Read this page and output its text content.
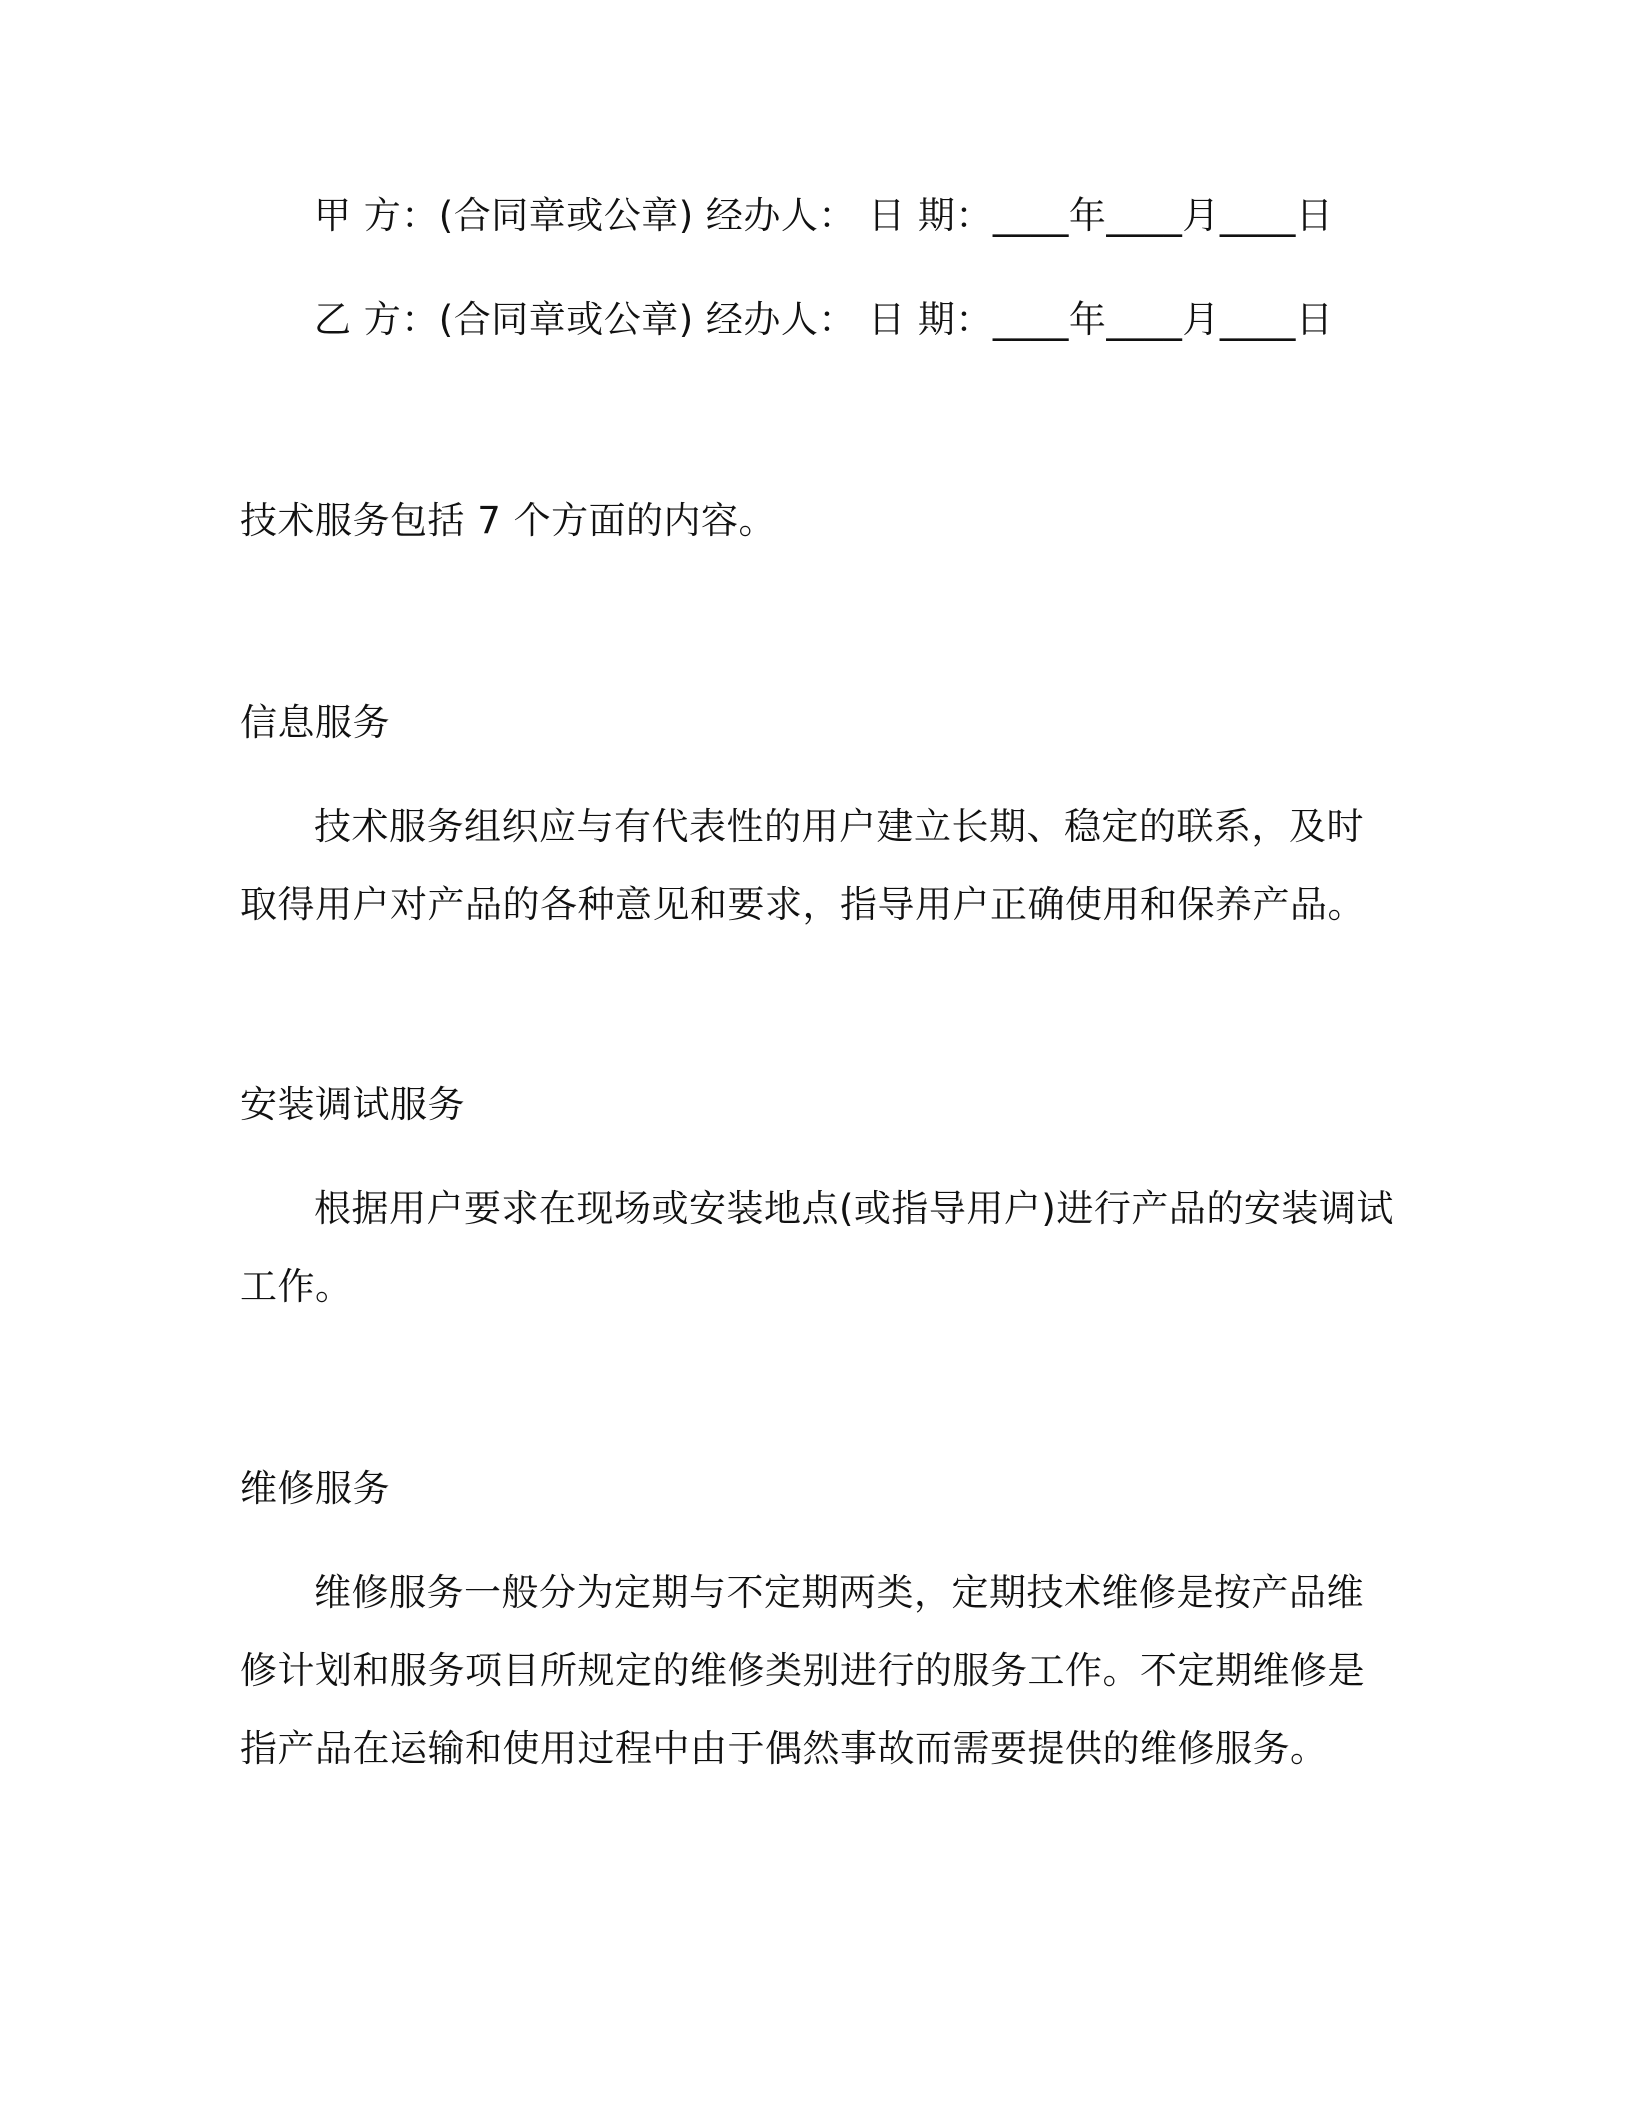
甲 方：(合同章或公章) 经办人： 日 期：____年____月____日
乙 方：(合同章或公章) 经办人： 日 期：____年____月____日
技术服务包括 7 个方面的内容。
信息服务
技术服务组织应与有代表性的用户建立长期、稳定的联系，及时
取得用户对产品的各种意见和要求，指导用户正确使用和保养产品。
安装调试服务
根据用户要求在现场或安装地点(或指导用户)进行产品的安装调试
工作。
维修服务
维修服务一般分为定期与不定期两类，定期技术维修是按产品维
修计划和服务项目所规定的维修类别进行的服务工作。不定期维修是
指产品在运输和使用过程中由于偶然事故而需要提供的维修服务。
